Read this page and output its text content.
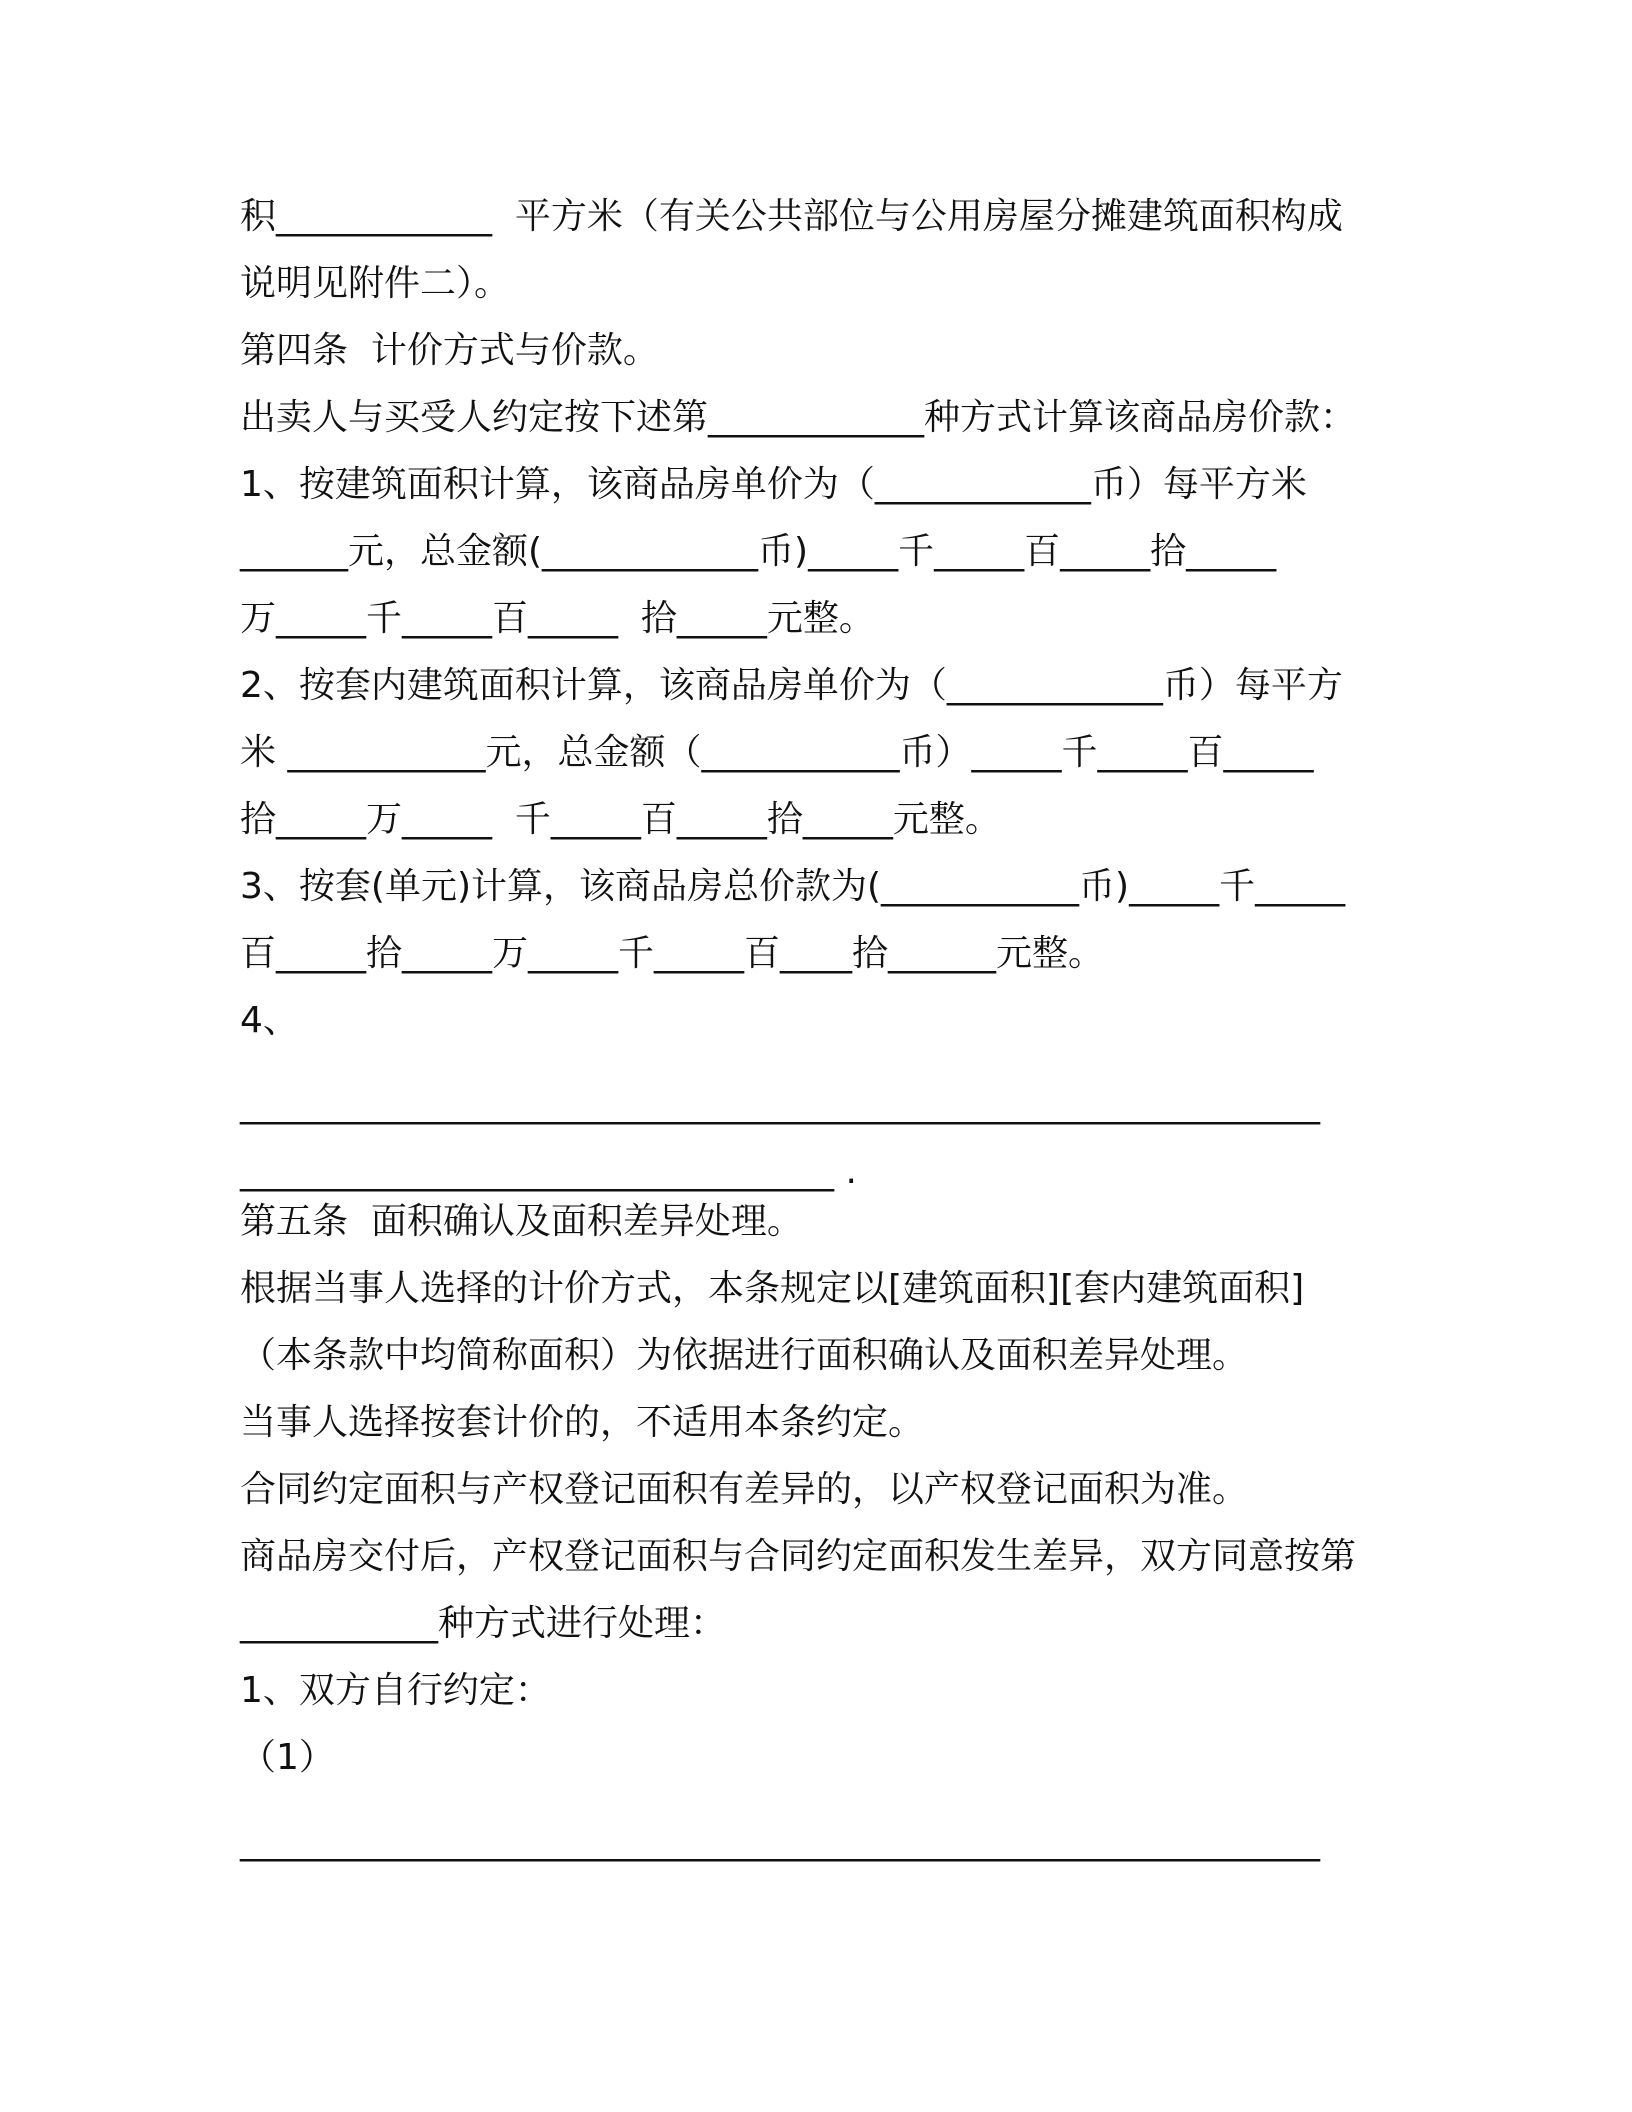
积____________  平方米（有关公共部位与公用房屋分摊建筑面积构成
说明见附件二）。
第四条  计价方式与价款。
出卖人与买受人约定按下述第____________种方式计算该商品房价款：
1、按建筑面积计算，该商品房单价为（____________币）每平方米
______元，总金额(____________币)_____千_____百_____拾_____
万_____千_____百_____  拾_____元整。
2、按套内建筑面积计算，该商品房单价为（____________币）每平方
米 ___________元，总金额（___________币）_____千_____百_____
拾_____万_____  千_____百_____拾_____元整。
3、按套(单元)计算，该商品房总价款为(___________币)_____千_____
百_____拾_____万_____千_____百____拾______元整。
4、
____________________________________________________________
_________________________________ .
第五条  面积确认及面积差异处理。
根据当事人选择的计价方式，本条规定以[建筑面积][套内建筑面积]
（本条款中均简称面积）为依据进行面积确认及面积差异处理。
当事人选择按套计价的，不适用本条约定。
合同约定面积与产权登记面积有差异的，以产权登记面积为准。
商品房交付后，产权登记面积与合同约定面积发生差异，双方同意按第
___________种方式进行处理：
1、双方自行约定：
（1）
____________________________________________________________
